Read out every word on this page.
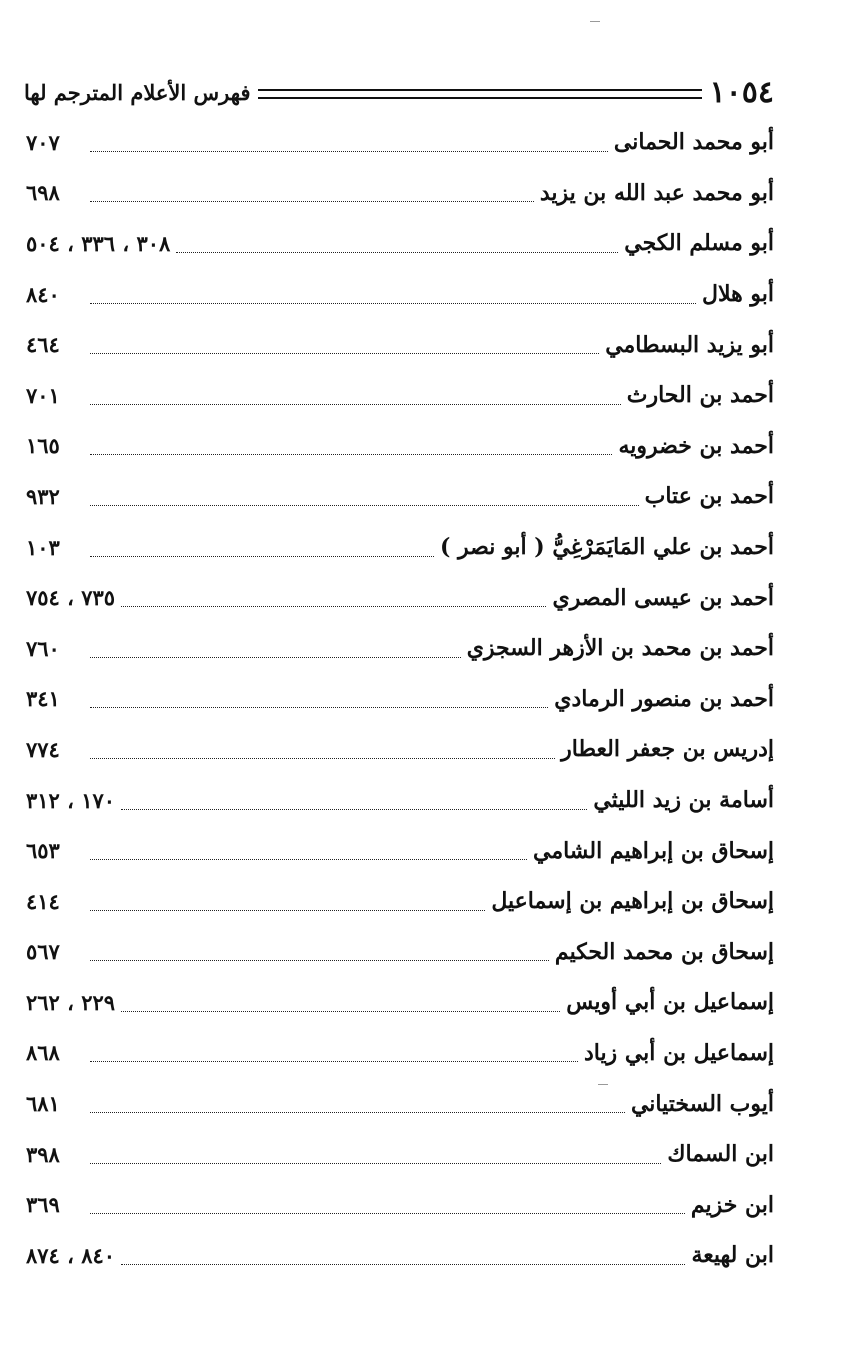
١٠٥٤
فهرس الأعلام المترجم لها
أبو محمد الحمانى
٧٠٧
أبو محمد عبد الله بن يزيد
٦٩٨
أبو مسلم الكجي
٣٠٨ ، ٣٣٦ ، ٥٠٤
أبو هلال
٨٤٠
أبو يزيد البسطامي
٤٦٤
أحمد بن الحارث
٧٠١
أحمد بن خضرويه
١٦٥
أحمد بن عتاب
٩٣٢
أحمد بن علي المَايَمَرْغِيُّ ( أبو نصر )
١٠٣
أحمد بن عيسى المصري
٧٣٥ ، ٧٥٤
أحمد بن محمد بن الأزهر السجزي
٧٦٠
أحمد بن منصور الرمادي
٣٤١
إدريس بن جعفر العطار
٧٧٤
أسامة بن زيد الليثي
١٧٠ ، ٣١٢
إسحاق بن إبراهيم الشامي
٦٥٣
إسحاق بن إبراهيم بن إسماعيل
٤١٤
إسحاق بن محمد الحكيم
٥٦٧
إسماعيل بن أبي أويس
٢٢٩ ، ٢٦٢
إسماعيل بن أبي زياد
٨٦٨
أيوب السختياني
٦٨١
ابن السماك
٣٩٨
ابن خزيم
٣٦٩
ابن لهيعة
٨٤٠ ، ٨٧٤
